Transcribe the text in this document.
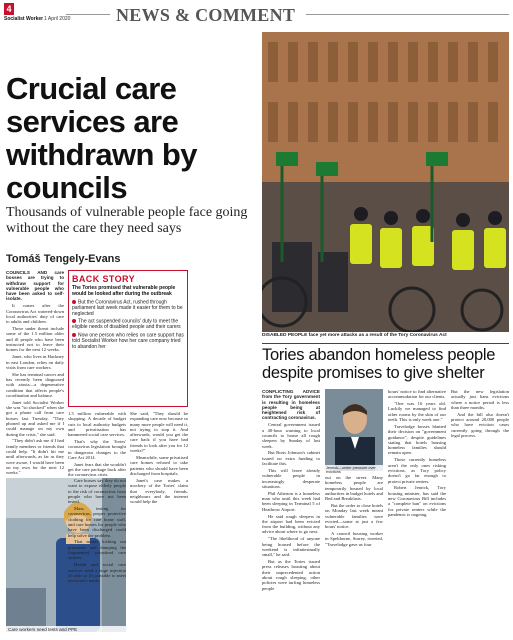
4
Socialist Worker 1 April 2020	NEWS & COMMENT
Crucial care services are withdrawn by councils
Thousands of vulnerable people face going without the care they need says
Tomáš Tengely-Evans

COUNCILS AND care bosses are trying to withdraw support for vulnerable people who have been asked to self-isolate.

It comes after the Coronavirus Act watered-down local authorities' duty of care to adults and children.

Those under threat include some of the 1.5 million older and ill people who have been instructed not to leave their homes for the next 12 weeks.

Janet, who lives in Hackney in east London, relies on daily visits from care workers.

She has terminal cancer and has recently been diagnosed with ataxia—a degenerative condition that affects people's coordination and balance.

Janet told Socialist Worker she was "so shocked" when she got a phone call from care bosses last Tuesday. "They phoned up and asked me if I could manage on my own during the crisis," she said.

"They didn't ask me if I had family members or friends that could help. "It didn't hit me until afterwards, as far as they were aware, I would have been on my own for the next 12 weeks."

BACK STORY
The Tories promised that vulnerable people would be looked after during the outbreak
But the Coronavirus Act, rushed through parliament last week made it easier for them to be neglected
The act suspended councils' duty to meet the eligible needs of disabled people and their carers
Now one person who relies on care support has told Socialist Worker how her care company tried to abandon her

1.5 million vulnerable with shopping. A decade of budget cuts to local authority budgets and privatisation has hammered social care services.

That's why the Tories' coronavirus legislation brought in dangerous changes to the Care Act 2014.

Janet fears that she wouldn't get the care package back after the coronavirus crisis.

She said, "They should be expanding care now because so many more people will need it, not trying to stop it. And afterwards, would you get the care back if you have bad friends to look after you for 12 weeks?"

Meanwhile, some privatised care homes refused to take patients who should have been discharged from hospitals.

Care bosses say they do not want to expose elderly people to the risk of coronavirus from people who have not been tested.

Mass testing for coronavirus, proper protective clothing for care home staff, and care homes for people who have been discharged could help solve the problem.

That means kicking out privateers and dumping the fragmented, privatised care system.

Health and social care services need a huge injection of cash so it's possible to meet everyone's needs.

Janet's case makes a mockery of the Tories' claim that everybody, friends, neighbours and the internet would help the

Care workers need tests and PPE
DISABLED PEOPLE face yet more attacks as a result of the Tory Coronavirus Act
Tories abandon homeless people despite promises to give shelter

CONFLICTING ADVICE from the Tory government is resulting in homeless people being at heightened risk of contracting coronavirus.

Central government issued a 48-hour warning to local councils to house all rough sleepers by Sunday of last week.

But Boris Johnson's cabinet issued no extra funding to facilitate this.

This will leave already vulnerable people in increasingly desperate situations.

Phil Atherton is a homeless man who until this week had been sleeping in Terminal 5 of Heathrow Airport.

He said rough sleepers in the airport had been evicted from the building, without any advice about where to go next.

"The likelihood of anyone being housed before the weekend is infinitesimally small," he said.

But as the Tories issued press releases boasting about their unprecedented action about rough sleeping, other policies were turfing homeless people

Jenrick—under pressure over evictions

out on the street. Many homeless people are temporarily housed by local authorities in budget hotels and Bed and Breakfasts.

But the order to close hotels on Monday last week meant vulnerable families were evicted—some at just a few hours' notice.

A council housing worker in Spelthorne, Surrey, tweeted, "Travelodge gave us four

hours' notice to find alternative accommodation for our clients.

"One was 16 years old. Luckily we managed to find other rooms by the skin of our teeth. This is only week one."

Travelodge bosses blamed their decision on "government guidance", despite guidelines stating that hotels housing homeless families should remain open.

Those currently homeless aren't the only ones risking evictions, as Tory policy doesn't go far enough to protect private renters.

Robert Jenrick, Tory housing minister, has said the new Coronavirus Bill includes a "complete ban" on evictions for private renters while the pandemic is ongoing.

But the new legislation actually just bans evictions where a notice period is less than three months.

And the bill also doesn't protect around 20,000 people who have eviction cases currently going through the legal process.
